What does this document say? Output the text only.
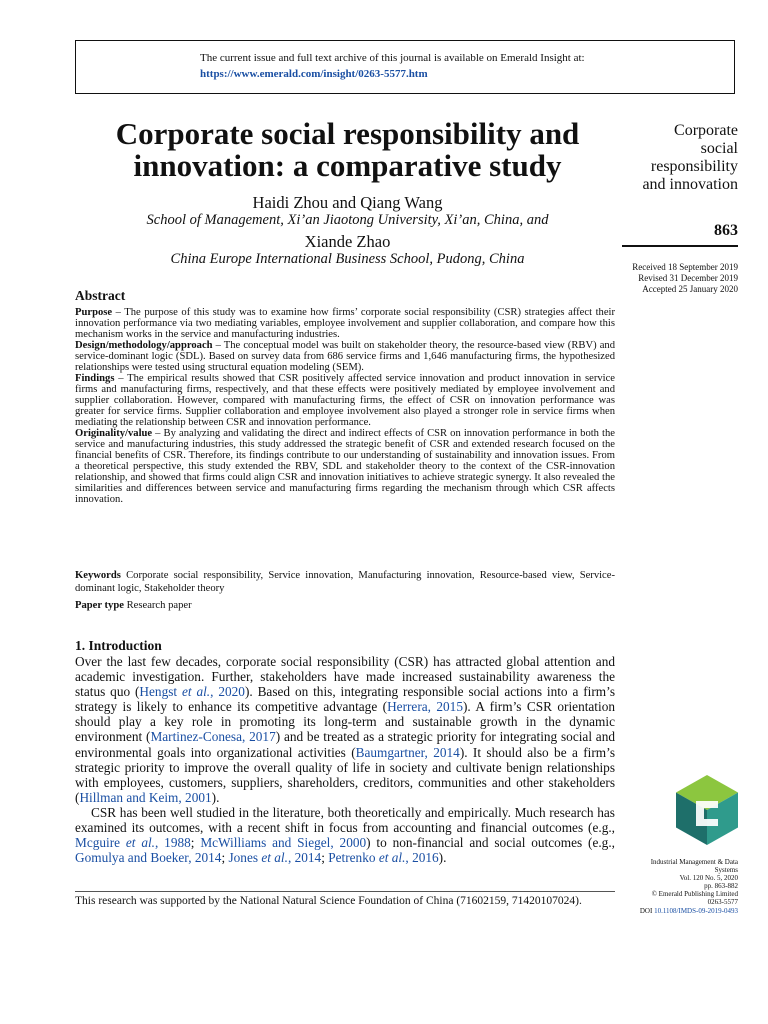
The current issue and full text archive of this journal is available on Emerald Insight at:
https://www.emerald.com/insight/0263-5577.htm
Corporate social responsibility and innovation: a comparative study
Haidi Zhou and Qiang Wang
School of Management, Xi’an Jiaotong University, Xi’an, China, and
Xiande Zhao
China Europe International Business School, Pudong, China
Corporate
social
responsibility
and innovation
863
Received 18 September 2019
Revised 31 December 2019
Accepted 25 January 2020
Abstract

Purpose – The purpose of this study was to examine how firms’ corporate social responsibility (CSR) strategies affect their innovation performance via two mediating variables, employee involvement and supplier collaboration, and compare how this mechanism works in the service and manufacturing industries.

Design/methodology/approach – The conceptual model was built on stakeholder theory, the resource-based view (RBV) and service-dominant logic (SDL). Based on survey data from 686 service firms and 1,646 manufacturing firms, the hypothesized relationships were tested using structural equation modeling (SEM).

Findings – The empirical results showed that CSR positively affected service innovation and product innovation in service firms and manufacturing firms, respectively, and that these effects were positively mediated by employee involvement and supplier collaboration. However, compared with manufacturing firms, the effect of CSR on innovation performance was greater for service firms. Supplier collaboration and employee involvement also played a stronger role in service firms when mediating the relationship between CSR and innovation performance.

Originality/value – By analyzing and validating the direct and indirect effects of CSR on innovation performance in both the service and manufacturing industries, this study addressed the strategic benefit of CSR and extended research focused on the financial benefits of CSR. Therefore, its findings contribute to our understanding of sustainability and innovation issues. From a theoretical perspective, this study extended the RBV, SDL and stakeholder theory to the context of the CSR-innovation relationship, and showed that firms could align CSR and innovation initiatives to achieve strategic synergy. It also revealed the similarities and differences between service and manufacturing firms regarding the mechanism through which CSR affects innovation.

Keywords Corporate social responsibility, Service innovation, Manufacturing innovation, Resource-based view, Service-dominant logic, Stakeholder theory
Paper type Research paper
1. Introduction

Over the last few decades, corporate social responsibility (CSR) has attracted global attention and academic investigation. Further, stakeholders have made increased sustainability awareness the status quo (Hengst et al., 2020). Based on this, integrating responsible social actions into a firm’s strategy is likely to enhance its competitive advantage (Herrera, 2015). A firm’s CSR orientation should play a key role in promoting its long-term and sustainable growth in the dynamic environment (Martinez-Conesa, 2017) and be treated as a strategic priority for integrating social and environmental goals into organizational activities (Baumgartner, 2014). It should also be a firm’s strategic priority to improve the overall quality of life in society and cultivate benign relationships with employees, customers, suppliers, shareholders, creditors, communities and other stakeholders (Hillman and Keim, 2001).

CSR has been well studied in the literature, both theoretically and empirically. Much research has examined its outcomes, with a recent shift in focus from accounting and financial outcomes (e.g., Mcguire et al., 1988; McWilliams and Siegel, 2000) to non-financial and social outcomes (e.g., Gomulya and Boeker, 2014; Jones et al., 2014; Petrenko et al., 2016).

This research was supported by the National Natural Science Foundation of China (71602159, 71420107024).
Industrial Management & Data
Systems
Vol. 120 No. 5, 2020
pp. 863-882
© Emerald Publishing Limited
0263-5577
DOI 10.1108/IMDS-09-2019-0493
